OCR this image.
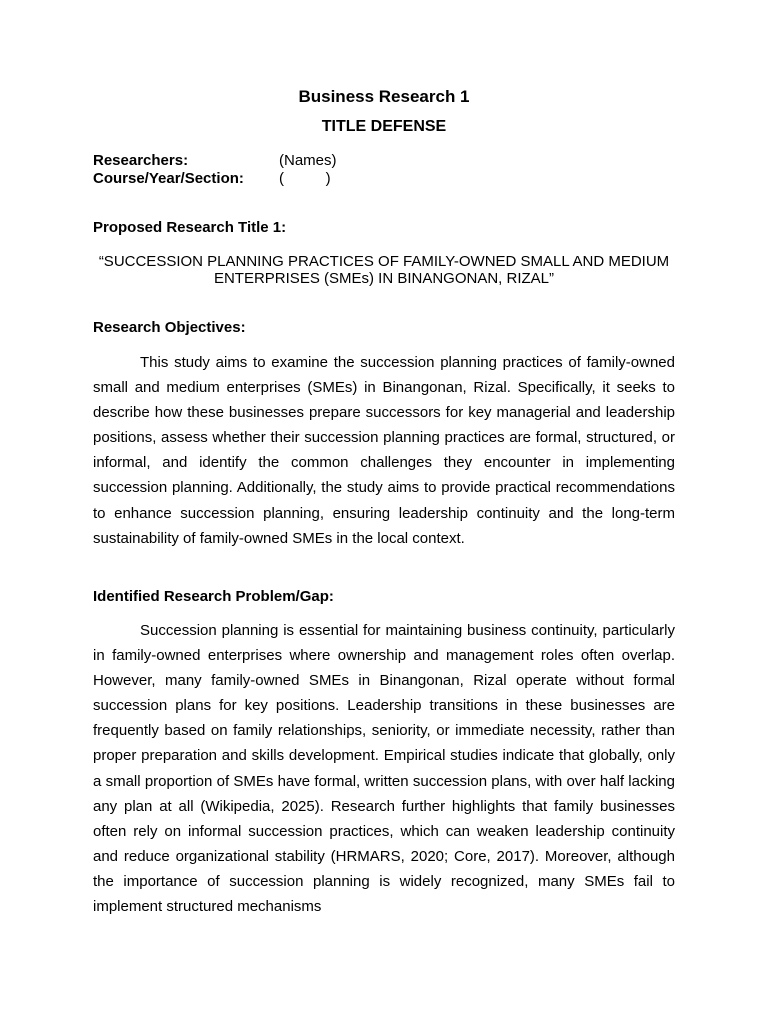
Business Research 1
TITLE DEFENSE
Researchers:	(Names)
Course/Year/Section:	(          )
Proposed Research Title 1:

“SUCCESSION PLANNING PRACTICES OF FAMILY-OWNED SMALL AND MEDIUM ENTERPRISES (SMEs) IN BINANGONAN, RIZAL”

Research Objectives:

This study aims to examine the succession planning practices of family-owned small and medium enterprises (SMEs) in Binangonan, Rizal. Specifically, it seeks to describe how these businesses prepare successors for key managerial and leadership positions, assess whether their succession planning practices are formal, structured, or informal, and identify the common challenges they encounter in implementing succession planning. Additionally, the study aims to provide practical recommendations to enhance succession planning, ensuring leadership continuity and the long-term sustainability of family-owned SMEs in the local context.

Identified Research Problem/Gap:

Succession planning is essential for maintaining business continuity, particularly in family-owned enterprises where ownership and management roles often overlap. However, many family-owned SMEs in Binangonan, Rizal operate without formal succession plans for key positions. Leadership transitions in these businesses are frequently based on family relationships, seniority, or immediate necessity, rather than proper preparation and skills development. Empirical studies indicate that globally, only a small proportion of SMEs have formal, written succession plans, with over half lacking any plan at all (Wikipedia, 2025). Research further highlights that family businesses often rely on informal succession practices, which can weaken leadership continuity and reduce organizational stability (HRMARS, 2020; Core, 2017). Moreover, although the importance of succession planning is widely recognized, many SMEs fail to implement structured mechanisms
